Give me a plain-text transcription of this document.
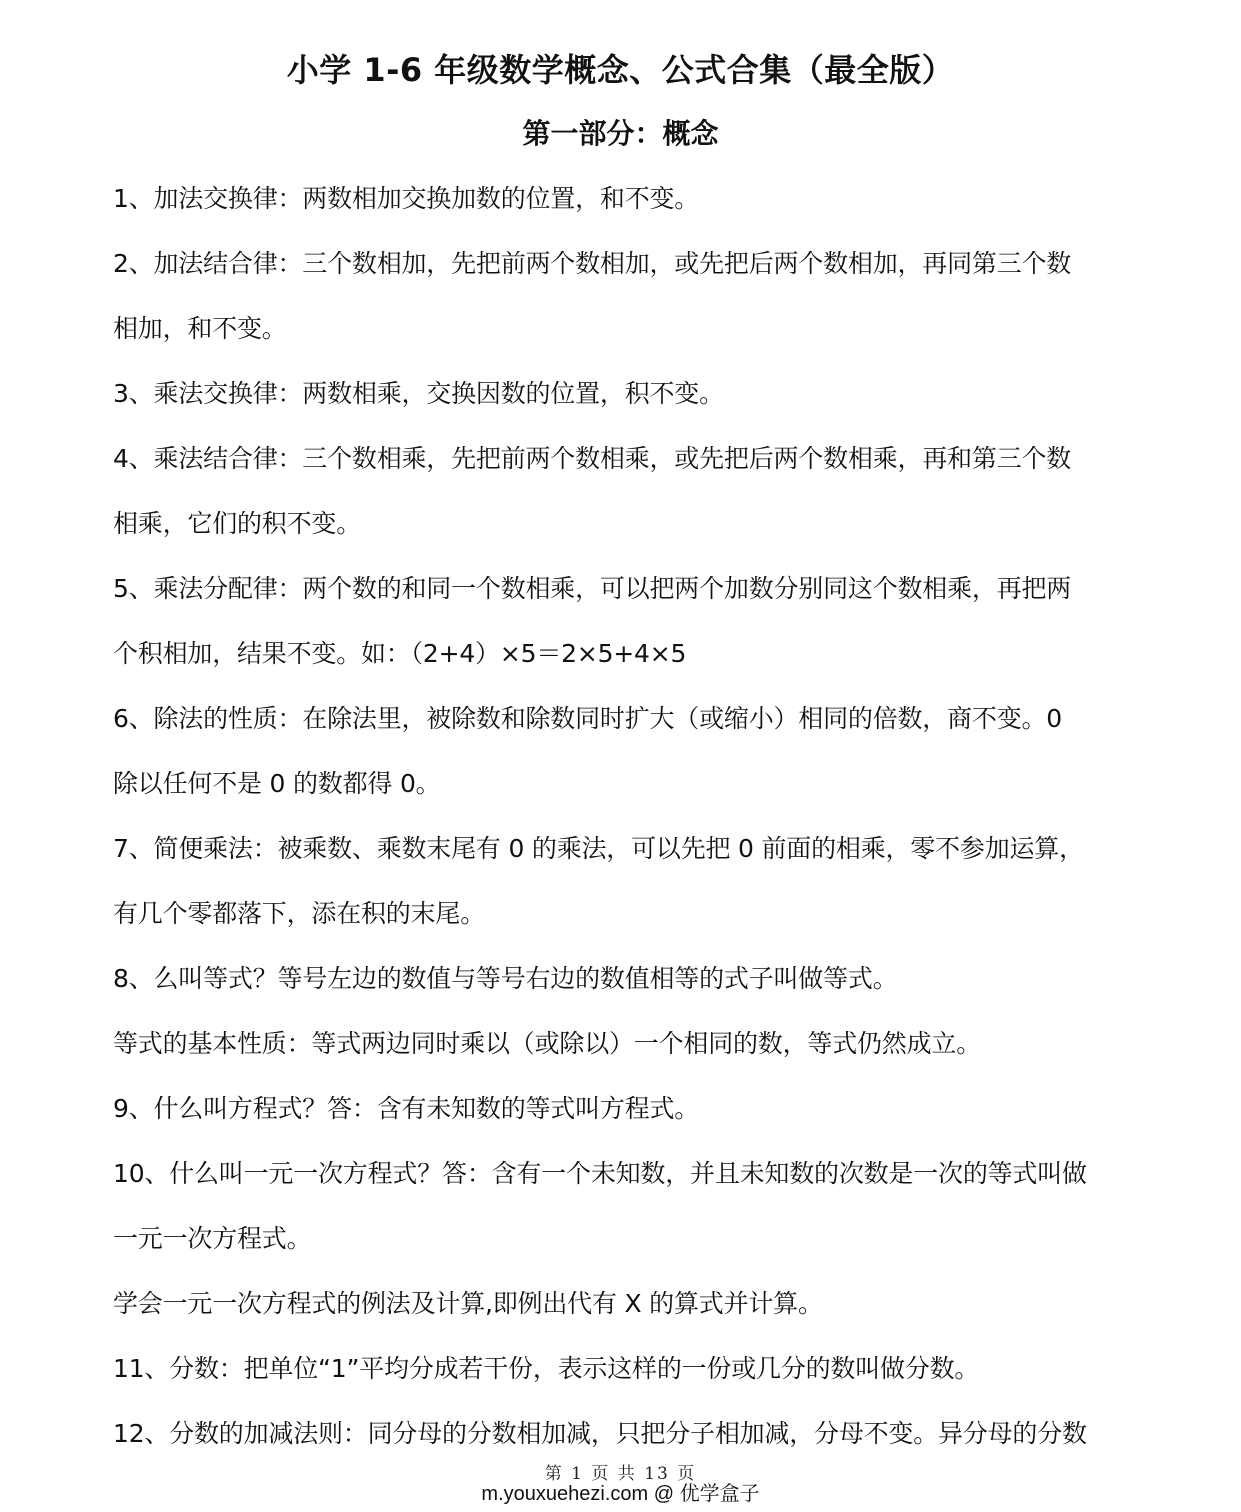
小学 1-6 年级数学概念、公式合集（最全版）
第一部分：概念
1、加法交换律：两数相加交换加数的位置，和不变。
2、加法结合律：三个数相加，先把前两个数相加，或先把后两个数相加，再同第三个数
相加，和不变。
3、乘法交换律：两数相乘，交换因数的位置，积不变。
4、乘法结合律：三个数相乘，先把前两个数相乘，或先把后两个数相乘，再和第三个数
相乘，它们的积不变。
5、乘法分配律：两个数的和同一个数相乘，可以把两个加数分别同这个数相乘，再把两
个积相加，结果不变。如：（2+4）×5＝2×5+4×5
6、除法的性质：在除法里，被除数和除数同时扩大（或缩小）相同的倍数，商不变。0
除以任何不是 0 的数都得 0。
7、简便乘法：被乘数、乘数末尾有 0 的乘法，可以先把 0 前面的相乘，零不参加运算，
有几个零都落下，添在积的末尾。
8、么叫等式？等号左边的数值与等号右边的数值相等的式子叫做等式。
等式的基本性质：等式两边同时乘以（或除以）一个相同的数，等式仍然成立。
9、什么叫方程式？答：含有未知数的等式叫方程式。
10、什么叫一元一次方程式？答：含有一个未知数，并且未知数的次数是一次的等式叫做
一元一次方程式。
学会一元一次方程式的例法及计算,即例出代有 X 的算式并计算。
11、分数：把单位“1”平均分成若干份，表示这样的一份或几分的数叫做分数。
12、分数的加减法则：同分母的分数相加减，只把分子相加减，分母不变。异分母的分数
第 1 页 共 13 页
m.youxuehezi.com @ 优学盒子
